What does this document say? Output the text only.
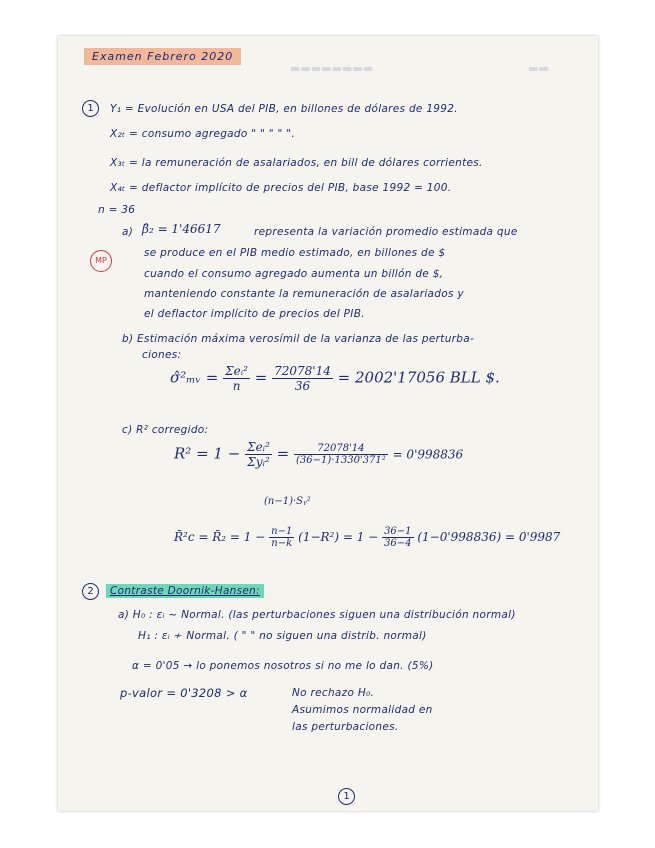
▬▬▬▬▬▬▬▬	▬▬
Examen Febrero 2020
1	Y₁ = Evolución en USA del PIB, en billones de dólares de 1992.
X₂ₜ = consumo agregado " " " " ".
X₃ₜ = la remuneración de asalariados, en bill de dólares corrientes.
X₄ₜ = deflactor implícito de precios del PIB, base 1992 = 100.
n = 36
a) β̂₂ = 1'46617	representa la variación promedio estimada que
se produce en el PIB medio estimado, en billones de $
cuando el consumo agregado aumenta un billón de $,
manteniendo constante la remuneración de asalariados y
el deflactor implícito de precios del PIB.
MP
b) Estimación máxima verosímil de la varianza de las perturba-
ciones:
σ̂²ₘᵥ = $\frac{\text{Σeᵢ²}}{n} = \frac{72078'14}{36} = 2002'17056$ BLL $.
c) R² corregido:
$R^2 = 1 - \frac{\text{Σeᵢ²}}{\text{Σyᵢ²}} = \frac{72078'14}{\text{(36−1)·1330'371²}} = 0'998836$
(n−1)·Sᵧ²
R̄²c = R̄₂ = $1 - \frac{n-1}{n-k} (1-R^2) = 1 - \frac{36-1}{36-4} (1-0'998836) = 0'9987$
2	Contraste Doornik-Hansen:
a) H₀ : εᵢ ~ Normal. (las perturbaciones siguen una distribución normal)
H₁ : εᵢ ≁ Normal. ( " " no siguen una distrib. normal)
α = 0'05 → lo ponemos nosotros si no me lo dan. (5%)
p-valor = 0'3208 > α	No rechazo H₀.
Asumimos normalidad en
las perturbaciones.
1
